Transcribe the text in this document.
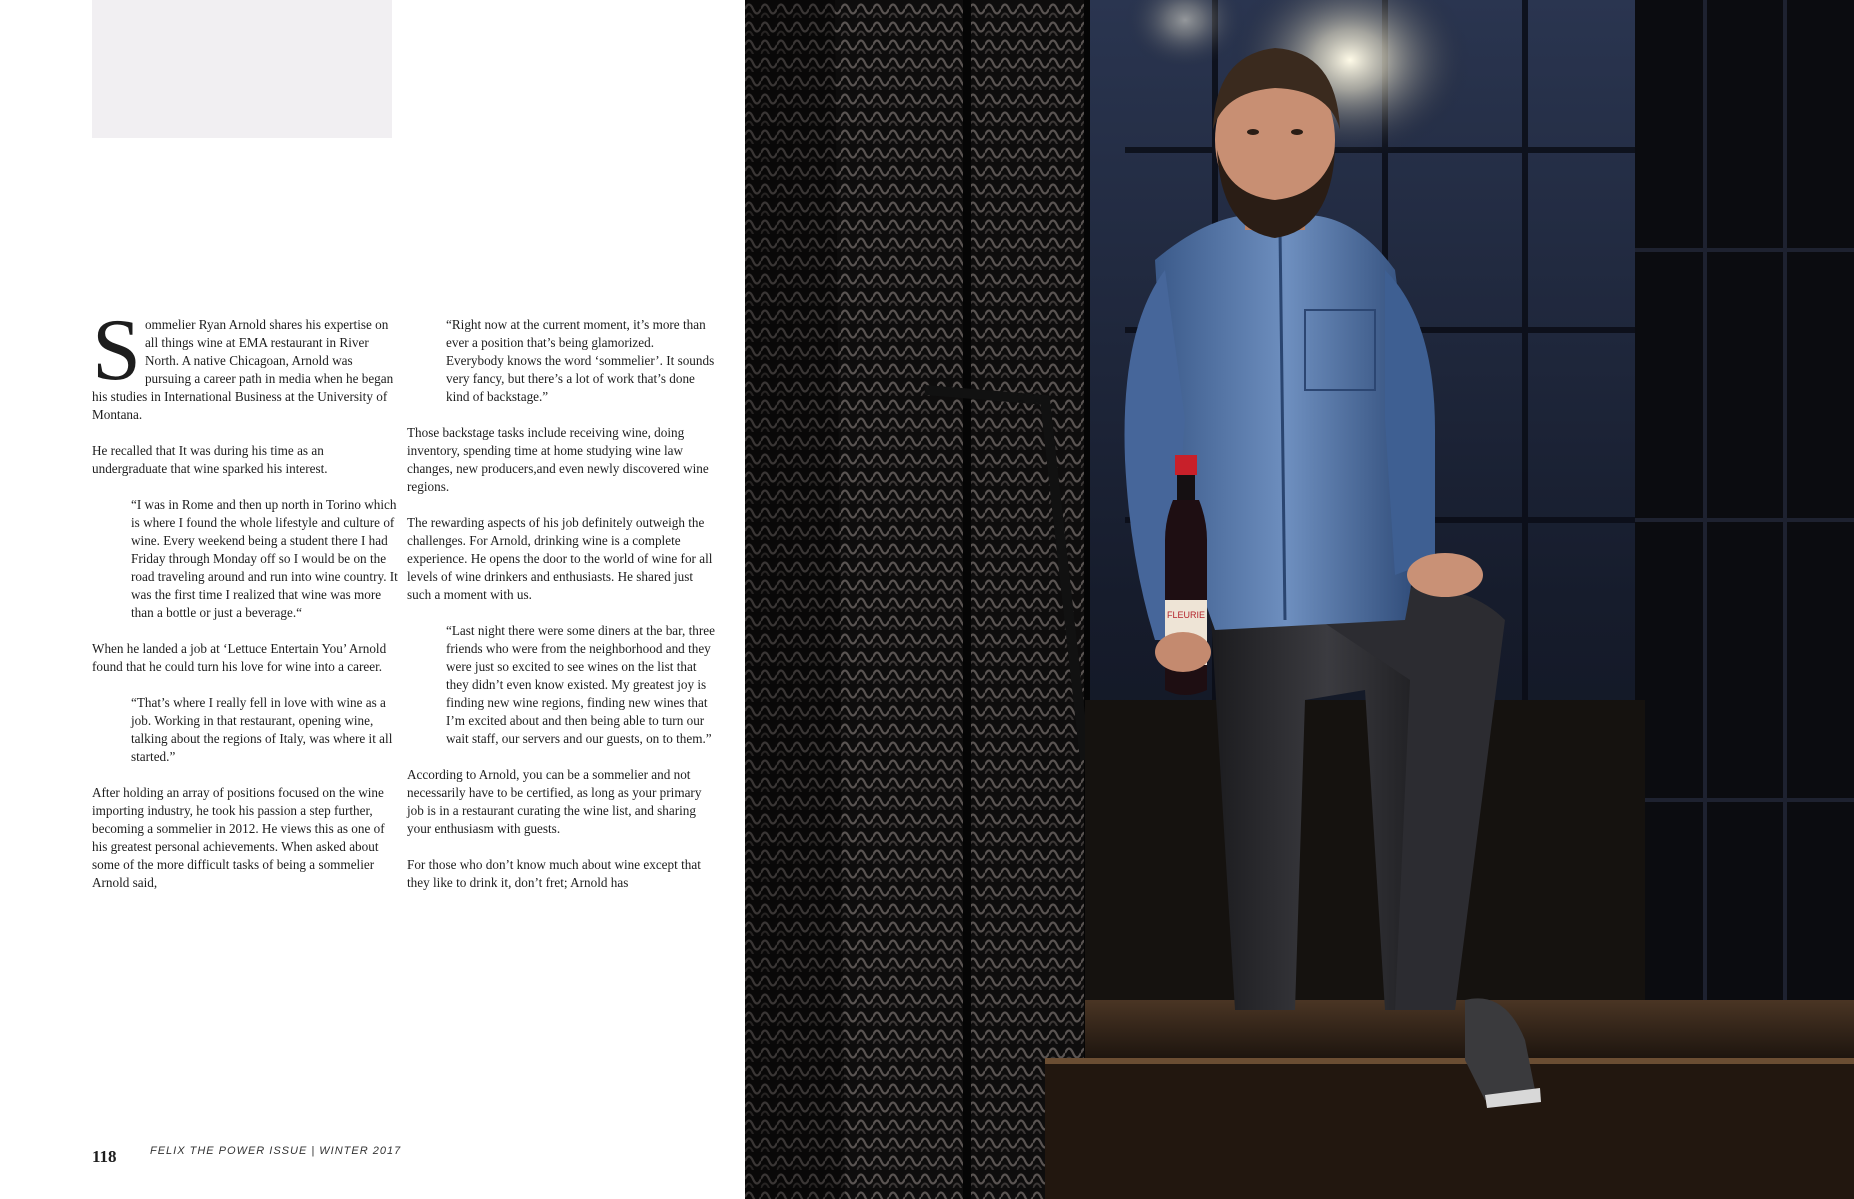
Sommelier Ryan Arnold shares his expertise on all things wine at EMA restaurant in River North. A native Chicagoan, Arnold was pursuing a career path in media when he began his studies in International Business at the University of Montana.

He recalled that It was during his time as an undergraduate that wine sparked his interest.

“I was in Rome and then up north in Torino which is where I found the whole lifestyle and culture of wine. Every weekend being a student there I had Friday through Monday off so I would be on the road traveling around and run into wine country. It was the first time I realized that wine was more than a bottle or just a beverage.“

When he landed a job at ‘Lettuce Entertain You’ Arnold found that he could turn his love for wine into a career.

“That’s where I really fell in love with wine as a job. Working in that restaurant, opening wine, talking about the regions of Italy, was where it all started.”

After holding an array of positions focused on the wine importing industry, he took his passion a step further, becoming a sommelier in 2012. He views this as one of his greatest personal achievements. When asked about some of the more difficult tasks of being a sommelier Arnold said,

“Right now at the current moment, it’s more than ever a position that’s being glamorized. Everybody knows the word ‘sommelier’. It sounds very fancy, but there’s a lot of work that’s done kind of backstage.”

Those backstage tasks include receiving wine, doing inventory, spending time at home studying wine law changes, new producers,and even newly discovered wine regions.

The rewarding aspects of his job definitely outweigh the challenges. For Arnold, drinking wine is a complete experience. He opens the door to the world of wine for all levels of wine drinkers and enthusiasts. He shared just such a moment with us.

“Last night there were some diners at the bar, three friends who were from the neighborhood and they were just so excited to see wines on the list that they didn’t even know existed. My greatest joy is finding new wine regions, finding new wines that I’m excited about and then being able to turn our wait staff, our servers and our guests, on to them.”

According to Arnold, you can be a sommelier and not necessarily have to be certified, as long as your primary job is in a restaurant curating the wine list, and sharing your enthusiasm with guests.

For those who don’t know much about wine except that they like to drink it, don’t fret; Arnold has

118	FELIX THE POWER ISSUE | WINTER 2017
FLEURIE
